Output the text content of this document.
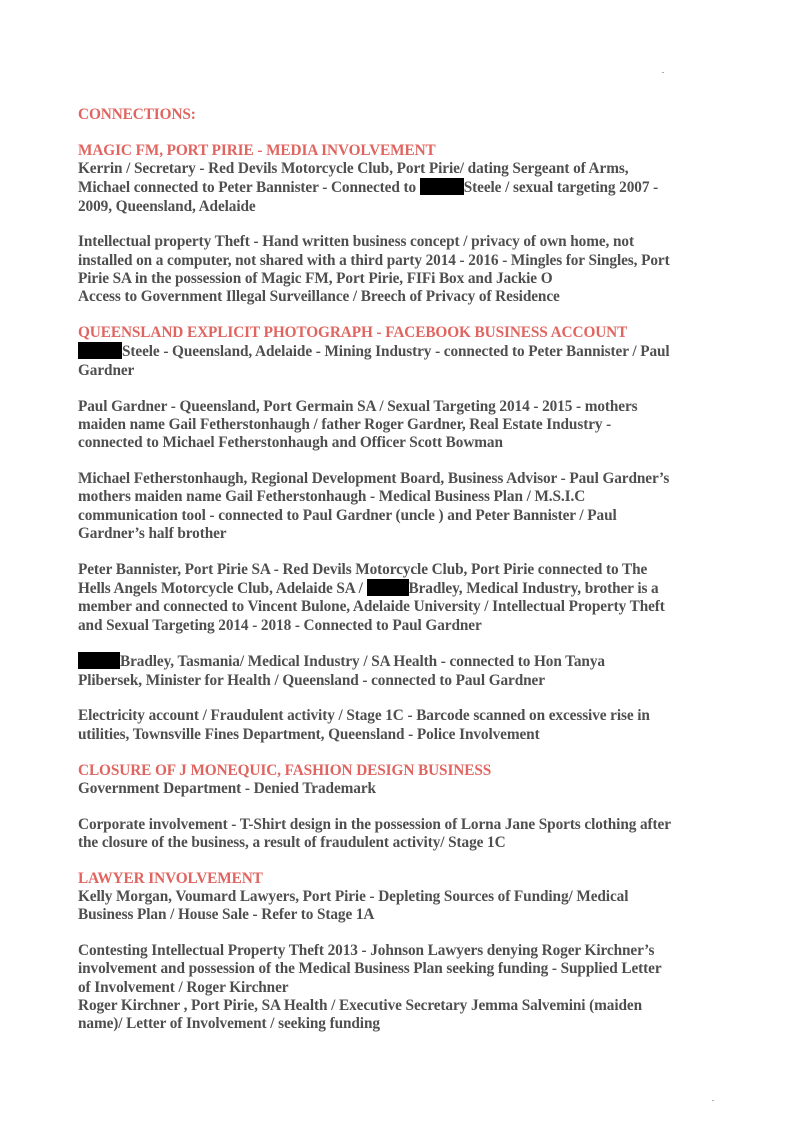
CONNECTIONS:
MAGIC FM, PORT PIRIE - MEDIA INVOLVEMENT
Kerrin / Secretary - Red Devils Motorcycle Club, Port Pirie/ dating Sergeant of Arms,
Michael connected to Peter Bannister - Connected to	Steele / sexual targeting 2007 -
2009, Queensland, Adelaide
Intellectual property Theft - Hand written business concept / privacy of own home, not
installed on a computer, not shared with a third party 2014 - 2016 - Mingles for Singles, Port
Pirie SA in the possession of Magic FM, Port Pirie, FIFi Box and Jackie O
Access to Government Illegal Surveillance / Breech of Privacy of Residence
QUEENSLAND EXPLICIT PHOTOGRAPH - FACEBOOK BUSINESS ACCOUNT
Steele - Queensland, Adelaide - Mining Industry - connected to Peter Bannister / Paul
Gardner
Paul Gardner - Queensland, Port Germain SA / Sexual Targeting 2014 - 2015 - mothers
maiden name Gail Fetherstonhaugh / father Roger Gardner, Real Estate Industry -
connected to Michael Fetherstonhaugh and Officer Scott Bowman
Michael Fetherstonhaugh, Regional Development Board, Business Advisor - Paul Gardner’s
mothers maiden name Gail Fetherstonhaugh - Medical Business Plan / M.S.I.C
communication tool - connected to Paul Gardner (uncle ) and Peter Bannister / Paul
Gardner’s half brother
Peter Bannister, Port Pirie SA - Red Devils Motorcycle Club, Port Pirie connected to The
Hells Angels Motorcycle Club, Adelaide SA /	Bradley, Medical Industry, brother is a
member and connected to Vincent Bulone, Adelaide University / Intellectual Property Theft
and Sexual Targeting 2014 - 2018 - Connected to Paul Gardner
Bradley, Tasmania/ Medical Industry / SA Health - connected to Hon Tanya
Plibersek, Minister for Health / Queensland - connected to Paul Gardner
Electricity account / Fraudulent activity / Stage 1C - Barcode scanned on excessive rise in
utilities, Townsville Fines Department, Queensland - Police Involvement
CLOSURE OF J MONEQUIC, FASHION DESIGN BUSINESS
Government Department - Denied Trademark
Corporate involvement - T-Shirt design in the possession of Lorna Jane Sports clothing after
the closure of the business, a result of fraudulent activity/ Stage 1C
LAWYER INVOLVEMENT
Kelly Morgan, Voumard Lawyers, Port Pirie - Depleting Sources of Funding/ Medical
Business Plan / House Sale - Refer to Stage 1A
Contesting Intellectual Property Theft 2013 - Johnson Lawyers denying Roger Kirchner’s
involvement and possession of the Medical Business Plan seeking funding - Supplied Letter
of Involvement / Roger Kirchner
Roger Kirchner , Port Pirie, SA Health / Executive Secretary Jemma Salvemini (maiden
name)/ Letter of Involvement / seeking funding
